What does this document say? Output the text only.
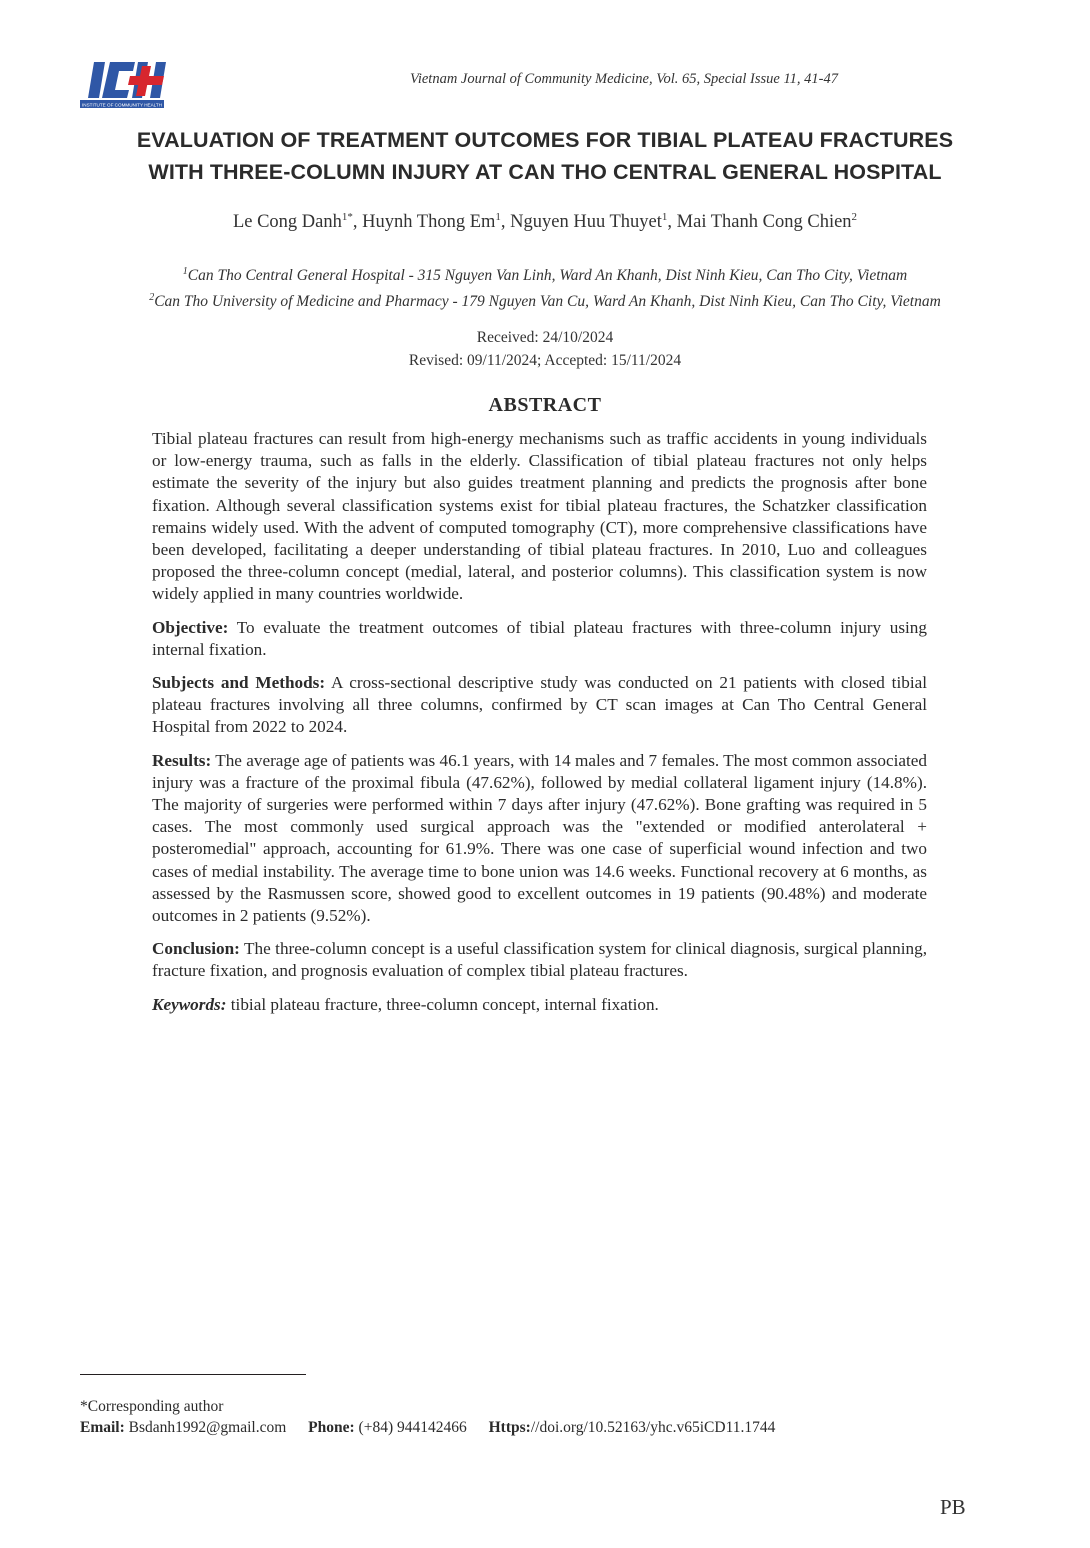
INSTITUTE OF COMMUNITY HEALTH
Vietnam Journal of Community Medicine, Vol. 65, Special Issue 11, 41-47
EVALUATION OF TREATMENT OUTCOMES FOR TIBIAL PLATEAU FRACTURES
WITH THREE-COLUMN INJURY AT CAN THO CENTRAL GENERAL HOSPITAL
Le Cong Danh$^{1*}$, Huynh Thong Em$^1$, Nguyen Huu Thuyet$^1$, Mai Thanh Cong Chien$^2$
$^1$Can Tho Central General Hospital - 315 Nguyen Van Linh, Ward An Khanh, Dist Ninh Kieu, Can Tho City, Vietnam
$^2$Can Tho University of Medicine and Pharmacy - 179 Nguyen Van Cu, Ward An Khanh, Dist Ninh Kieu, Can Tho City, Vietnam
Received: 24/10/2024
Revised: 09/11/2024; Accepted: 15/11/2024
ABSTRACT

Tibial plateau fractures can result from high-energy mechanisms such as traffic accidents in young individuals or low-energy trauma, such as falls in the elderly. Classification of tibial plateau fractures not only helps estimate the severity of the injury but also guides treatment planning and predicts the prognosis after bone fixation. Although several classification systems exist for tibial plateau fractures, the Schatzker classification remains widely used. With the advent of computed tomography (CT), more comprehensive classifications have been developed, facilitating a deeper understanding of tibial plateau fractures. In 2010, Luo and colleagues proposed the three-column concept (medial, lateral, and posterior columns). This classification system is now widely applied in many countries worldwide.

Objective: To evaluate the treatment outcomes of tibial plateau fractures with three-column injury using internal fixation.

Subjects and Methods: A cross-sectional descriptive study was conducted on 21 patients with closed tibial plateau fractures involving all three columns, confirmed by CT scan images at Can Tho Central General Hospital from 2022 to 2024.

Results: The average age of patients was 46.1 years, with 14 males and 7 females. The most common associated injury was a fracture of the proximal fibula (47.62%), followed by medial collateral ligament injury (14.8%). The majority of surgeries were performed within 7 days after injury (47.62%). Bone grafting was required in 5 cases. The most commonly used surgical approach was the "extended or modified anterolateral + posteromedial" approach, accounting for 61.9%. There was one case of superficial wound infection and two cases of medial instability. The average time to bone union was 14.6 weeks. Functional recovery at 6 months, as assessed by the Rasmussen score, showed good to excellent outcomes in 19 patients (90.48%) and moderate outcomes in 2 patients (9.52%).

Conclusion: The three-column concept is a useful classification system for clinical diagnosis, surgical planning, fracture fixation, and prognosis evaluation of complex tibial plateau fractures.

Keywords: tibial plateau fracture, three-column concept, internal fixation.

*Corresponding author
Email: Bsdanh1992@gmail.com Phone: (+84) 944142466 Https://doi.org/10.52163/yhc.v65iCD11.1744
PB
